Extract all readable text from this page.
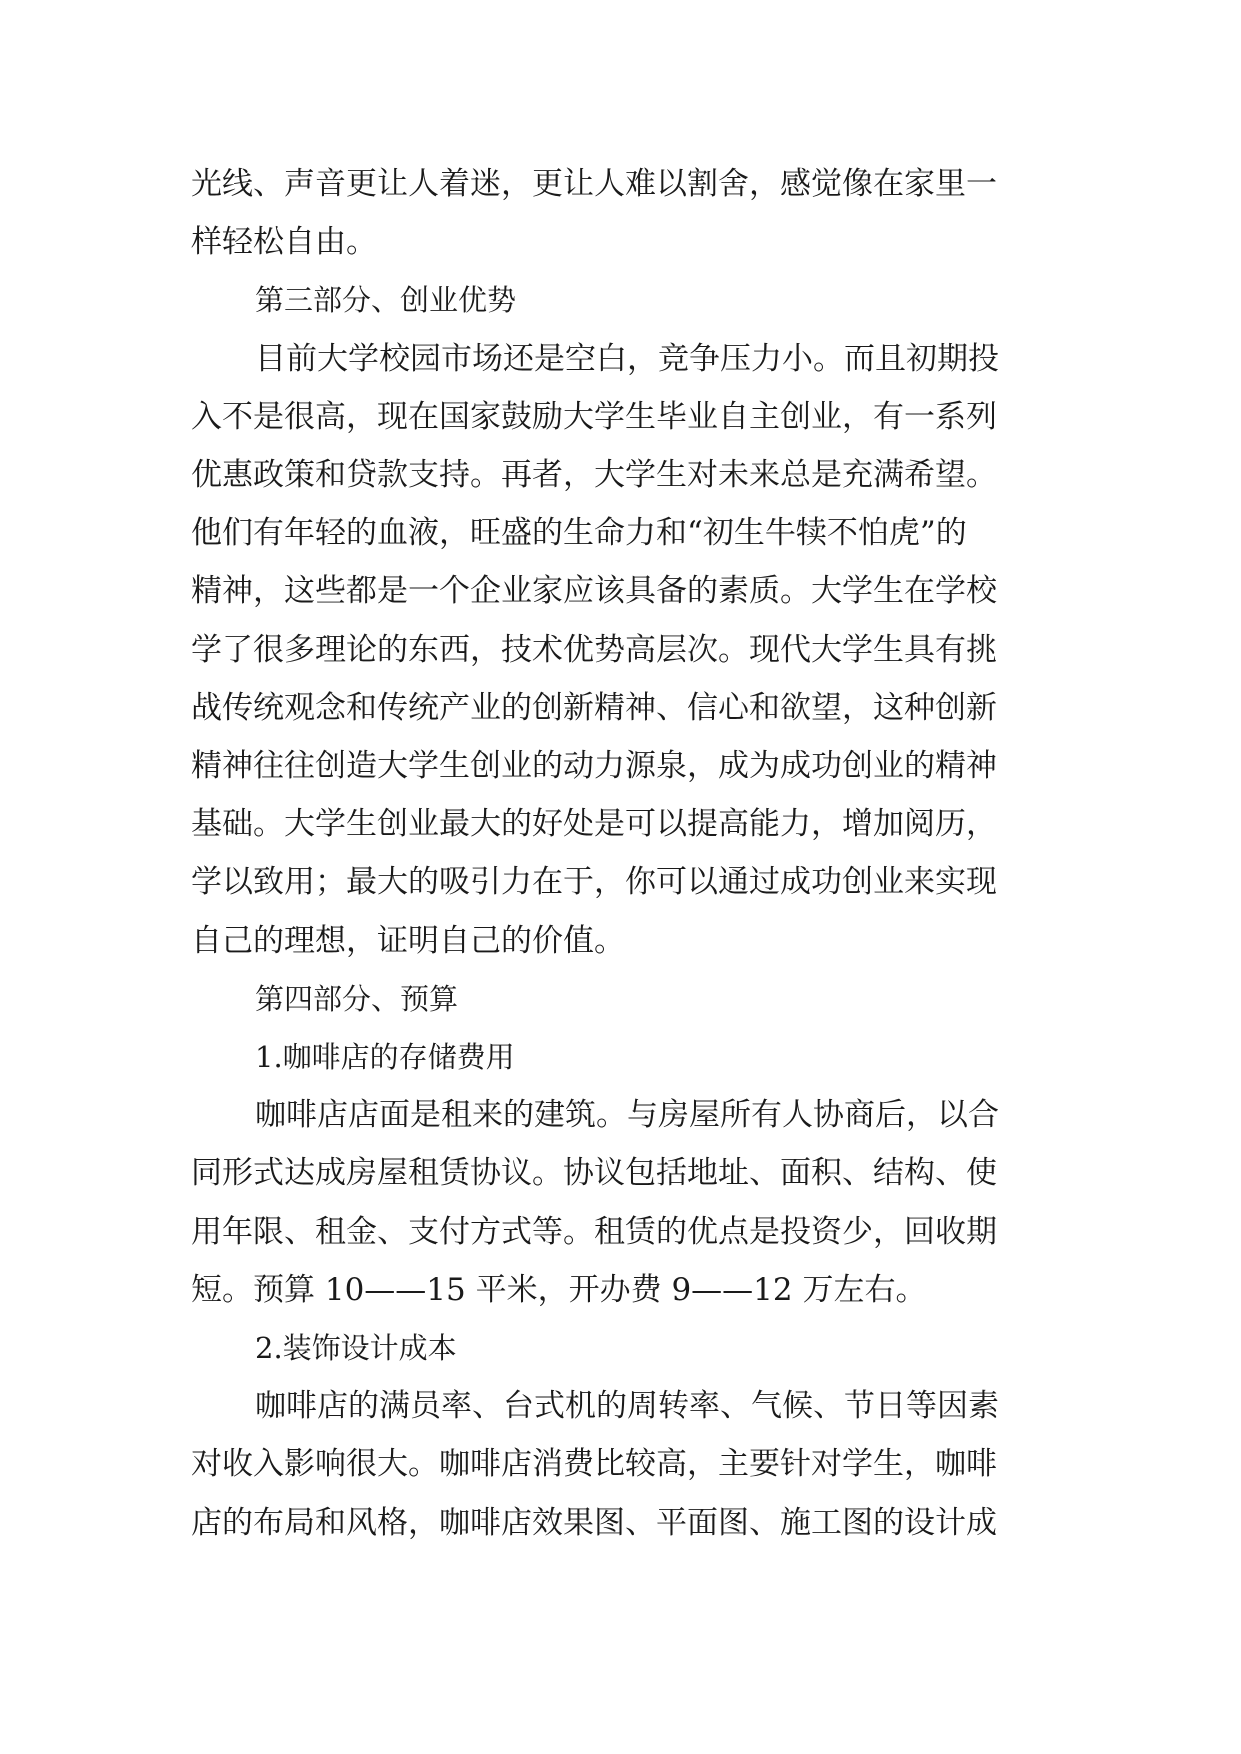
光线、声音更让人着迷，更让人难以割舍，感觉像在家里一
样轻松自由。
第三部分、创业优势
目前大学校园市场还是空白，竞争压力小。而且初期投
入不是很高，现在国家鼓励大学生毕业自主创业，有一系列
优惠政策和贷款支持。再者，大学生对未来总是充满希望。
他们有年轻的血液，旺盛的生命力和“初生牛犊不怕虎”的
精神，这些都是一个企业家应该具备的素质。大学生在学校
学了很多理论的东西，技术优势高层次。现代大学生具有挑
战传统观念和传统产业的创新精神、信心和欲望，这种创新
精神往往创造大学生创业的动力源泉，成为成功创业的精神
基础。大学生创业最大的好处是可以提高能力，增加阅历，
学以致用；最大的吸引力在于，你可以通过成功创业来实现
自己的理想，证明自己的价值。
第四部分、预算
1.咖啡店的存储费用
咖啡店店面是租来的建筑。与房屋所有人协商后，以合
同形式达成房屋租赁协议。协议包括地址、面积、结构、使
用年限、租金、支付方式等。租赁的优点是投资少，回收期
短。预算 10——15 平米，开办费 9——12 万左右。
2.装饰设计成本
咖啡店的满员率、台式机的周转率、气候、节日等因素
对收入影响很大。咖啡店消费比较高，主要针对学生，咖啡
店的布局和风格，咖啡店效果图、平面图、施工图的设计成
